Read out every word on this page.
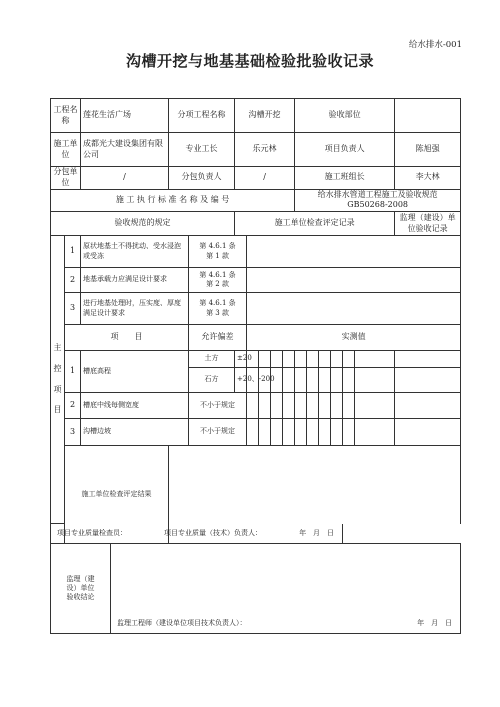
给水排水-001
沟槽开挖与地基基础检验批验收记录
工程名称		莲花生活广场		分项工程名称		沟槽开挖					验收部位							
施工单位		成都光大建设集团有限公司		专业工长		乐元林					项目负责人						陈旭强	
分包单位		/		分包负责人		/					施工班组长						李大林	
施 工 执 行 标 准 名 称 及 编 号											给水排水管道工程施工及验收规范 GB50268-2008							
验收规范的规定						施工单位检查评定记录											监理（建设）单位验收记录	

主
控
项
目	1	原状地基土不得扰动、受水浸泡或受冻			第 4.6.1 条
第 1 款													
	2	地基承载力应满足设计要求			第 4.6.1 条
第 2 款													
	3	进行地基处理时，压实度、厚度满足设计要求			第 4.6.1 条
第 3 款													
	项　　目				允许偏差		实测值											
	1	槽底高程			土方	±20												
					石方	+20、-200												
	2	槽底中线每侧宽度			不小于规定													
	3	沟槽边坡			不小于规定													
	施工单位检查评定结果																	

项目专业质量检查员： 项目专业质量（技术）负责人： 年　月　日																		

监理（建设）单位验收结论																		

			监理工程师（建设单位项目技术负责人）： 年　月　日															
